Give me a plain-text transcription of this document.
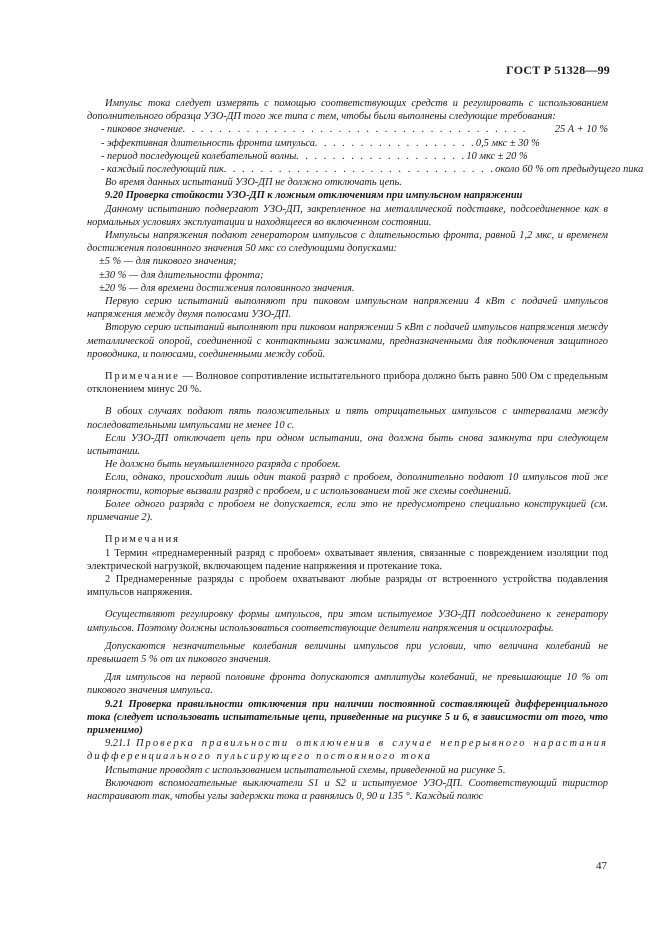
ГОСТ Р 51328—99

Импульс тока следует измерять с помощью соответствующих средств и регулировать с использованием дополнительного образца УЗО-ДП того же типа с тем, чтобы были выполнены следующие требования:

- пиковое значение . . . . . . . . . . . . . . . . . . . . . . . . . . . . . . . . . . . . . .	25 А + 10 %
- эффективная длительность фронта импульса . . . . . . . . . . . . . . . . . . 0,5 мкс ± 30 %
- период последующей колебательной волны . . . . . . . . . . . . . . . . . . . 10 мкс ± 20 %
- каждый последующий пик . . . . . . . . . . . . . . . . . . . . . . . . . . . . . . около 60 % от предыдущего пика

Во время данных испытаний УЗО-ДП не должно отключать цепь.

9.20 Проверка стойкости УЗО-ДП к ложным отключениям при импульсном напряжении

Данному испытанию подвергают УЗО-ДП, закрепленное на металлической подставке, подсоединенное как в нормальных условиях эксплуатации и находящееся во включенном состоянии.

Импульсы напряжения подают генератором импульсов с длительностью фронта, равной 1,2 мкс, и временем достижения половинного значения 50 мкс со следующими допусками:

±5 % — для пикового значения;

±30 % — для длительности фронта;

±20 % — для времени достижения половинного значения.

Первую серию испытаний выполняют при пиковом импульсном напряжении 4 кВт с подачей импульсов напряжения между двумя полюсами УЗО-ДП.

Вторую серию испытаний выполняют при пиковом напряжении 5 кВт с подачей импульсов напряжения между металлической опорой, соединенной с контактными зажимами, предназначенными для подключения защитного проводника, и полюсами, соединенными между собой.

Примечание — Волновое сопротивление испытательного прибора должно быть равно 500 Ом с предельным отклонением минус 20 %.

В обоих случаях подают пять положительных и пять отрицательных импульсов с интервалами между последовательными импульсами не менее 10 с.

Если УЗО-ДП отключает цепь при одном испытании, она должна быть снова замкнута при следующем испытании.

Не должно быть неумышленного разряда с пробоем.

Если, однако, происходит лишь один такой разряд с пробоем, дополнительно подают 10 импульсов той же полярности, которые вызвали разряд с пробоем, и с использованием той же схемы соединений.

Более одного разряда с пробоем не допускается, если это не предусмотрено специально конструкцией (см. примечание 2).

Примечания

1 Термин «преднамеренный разряд с пробоем» охватывает явления, связанные с повреждением изоляции под электрической нагрузкой, включающем падение напряжения и протекание тока.

2 Преднамеренные разряды с пробоем охватывают любые разряды от встроенного устройства подавления импульсов напряжения.

Осуществляют регулировку формы импульсов, при этом испытуемое УЗО-ДП подсоединено к генератору импульсов. Поэтому должны использоваться соответствующие делители напряжения и осциллографы.

Допускаются незначительные колебания величины импульсов при условии, что величина колебаний не превышает 5 % от их пикового значения.

Для импульсов на первой половине фронта допускаются амплитуды колебаний, не превышающие 10 % от пикового значения импульса.

9.21 Проверка правильности отключения при наличии постоянной составляющей дифференциального тока (следует использовать испытательные цепи, приведенные на рисунке 5 и 6, в зависимости от того, что применимо)

9.21.1 Проверка правильности отключения в случае непрерывного нарастания дифференциального пульсирующего постоянного тока

Испытание проводят с использованием испытательной схемы, приведенной на рисунке 5.

Включают вспомогательные выключатели S1 и S2 и испытуемое УЗО-ДП. Соответствующий тиристор настраивают так, чтобы углы задержки тока α равнялись 0, 90 и 135 °. Каждый полюс

47
